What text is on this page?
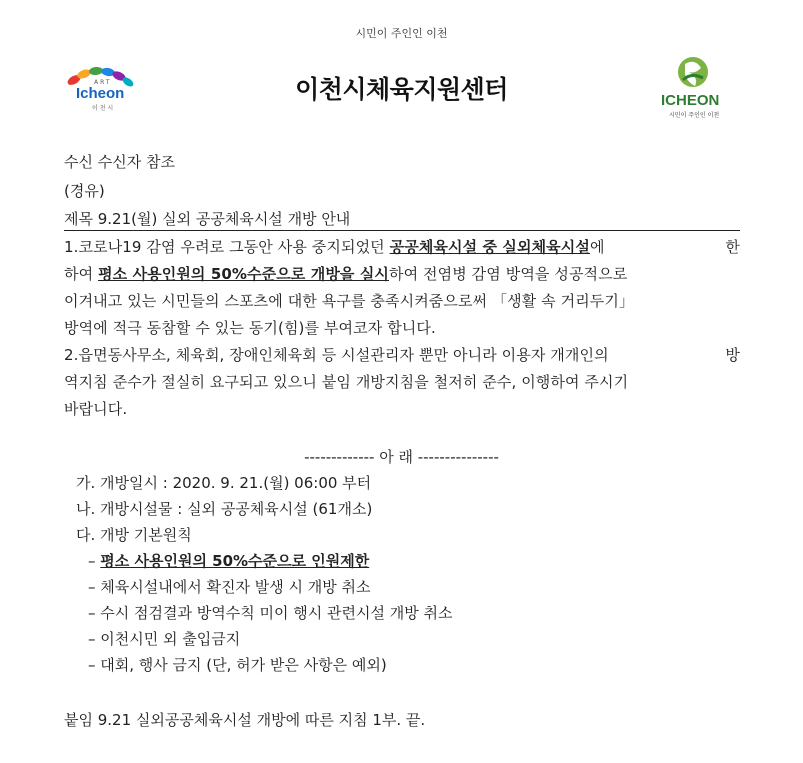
시민이 주인인 이천
ART
Icheon
이 천 시
이천시체육지원센터	ICHEON
시민이 주인인 이천
수신 수신자 참조
(경유)
제목 9.21(월) 실외 공공체육시설 개방 안내
1.코로나19 감염 우려로 그동안 사용 중지되었던 공공체육시설 중 실외체육시설에	한
하여 평소 사용인원의 50%수준으로 개방을 실시하여 전염병 감염 방역을 성공적으로
이겨내고 있는 시민들의 스포츠에 대한 욕구를 충족시켜줌으로써 「생활 속 거리두기」
방역에 적극 동참할 수 있는 동기(힘)를 부여코자 합니다.
2.읍면동사무소, 체육회, 장애인체육회 등 시설관리자 뿐만 아니라 이용자 개개인의	방
역지침 준수가 절실히 요구되고 있으니 붙임 개방지침을 철저히 준수, 이행하여 주시기
바랍니다.
------------- 아 래 ---------------
가. 개방일시 : 2020. 9. 21.(월) 06:00 부터
나. 개방시설물 : 실외 공공체육시설 (61개소)
다. 개방 기본원칙
– 평소 사용인원의 50%수준으로 인원제한
– 체육시설내에서 확진자 발생 시 개방 취소
– 수시 점검결과 방역수칙 미이 행시 관련시설 개방 취소
– 이천시민 외 출입금지
– 대회, 행사 금지 (단, 허가 받은 사항은 예외)
붙임 9.21 실외공공체육시설 개방에 따른 지침 1부. 끝.
